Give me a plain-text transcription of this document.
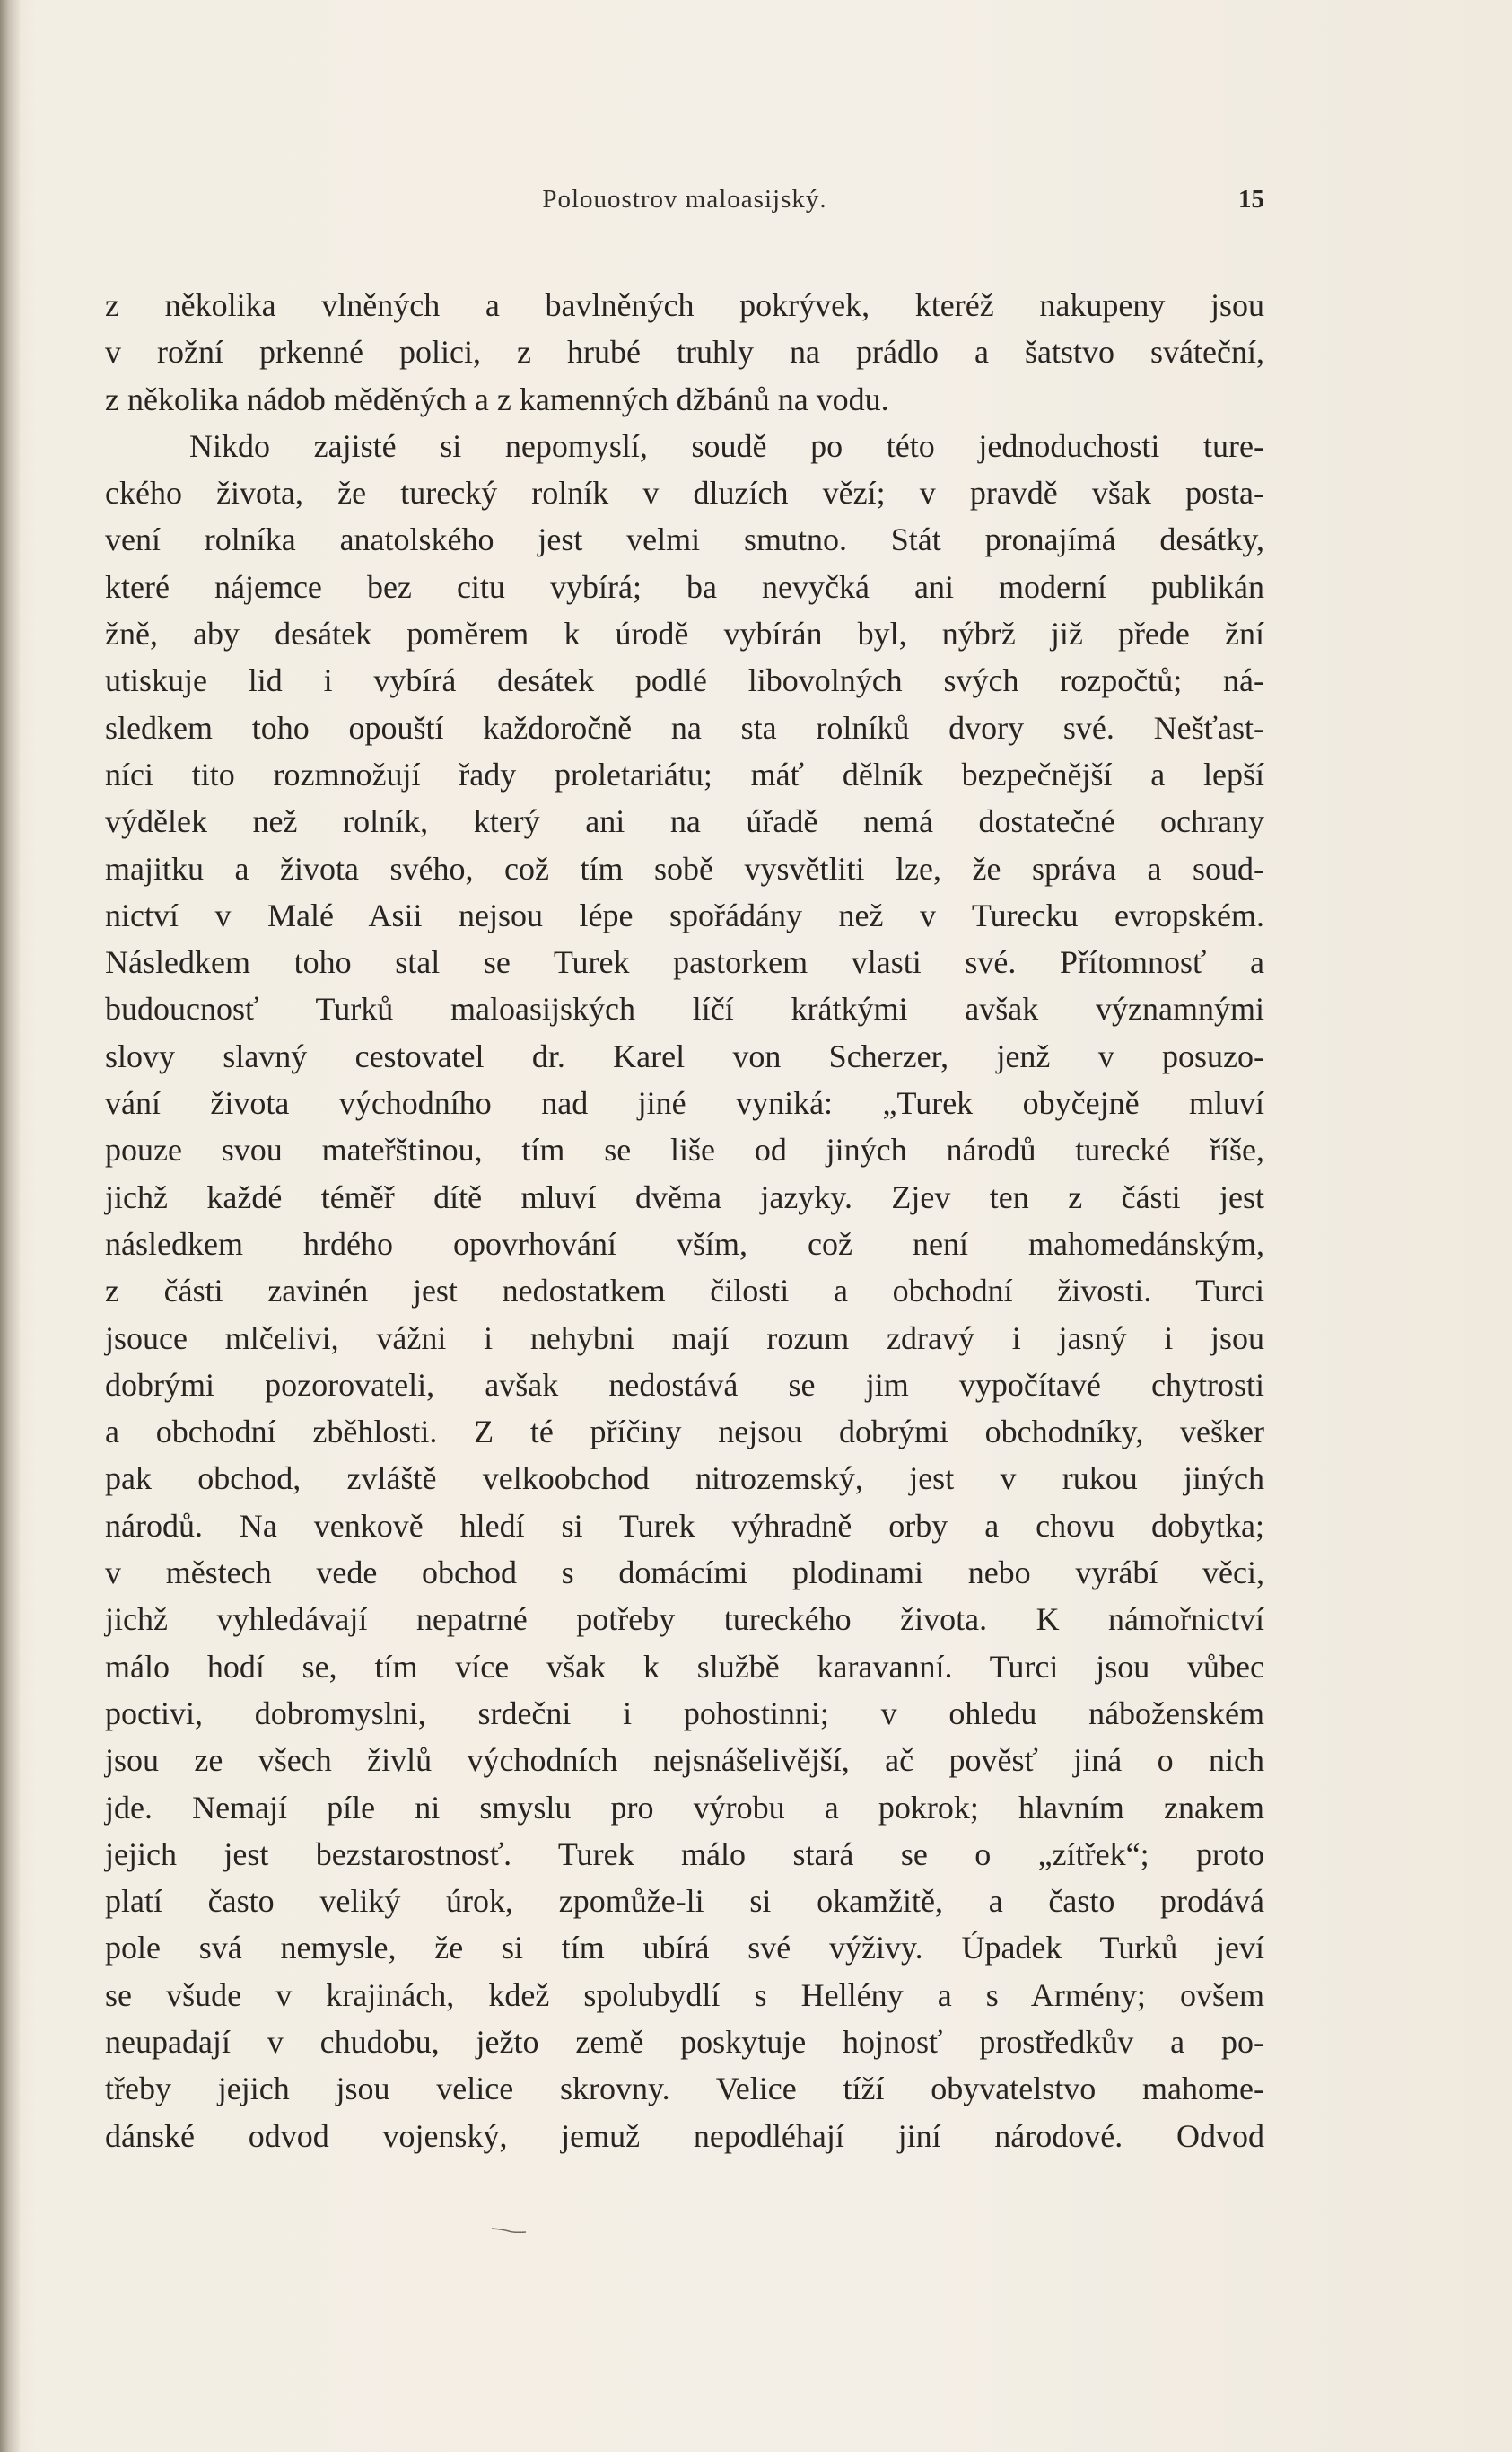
Polouostrov maloasijský.	15
z několika vlněných a bavlněných pokrývek, kteréž nakupeny jsou
v rožní prkenné polici, z hrubé truhly na prádlo a šatstvo sváteční,
z několika nádob měděných a z kamenných džbánů na vodu.
Nikdo zajisté si nepomyslí, soudě po této jednoduchosti ture-
ckého života, že turecký rolník v dluzích vězí; v pravdě však posta-
vení rolníka anatolského jest velmi smutno. Stát pronajímá desátky,
které nájemce bez citu vybírá; ba nevyčká ani moderní publikán
žně, aby desátek poměrem k úrodě vybírán byl, nýbrž již přede žní
utiskuje lid i vybírá desátek podlé libovolných svých rozpočtů; ná-
sledkem toho opouští každoročně na sta rolníků dvory své. Nešťast-
níci tito rozmnožují řady proletariátu; máť dělník bezpečnější a lepší
výdělek než rolník, který ani na úřadě nemá dostatečné ochrany
majitku a života svého, což tím sobě vysvětliti lze, že správa a soud-
nictví v Malé Asii nejsou lépe spořádány než v Turecku evropském.
Následkem toho stal se Turek pastorkem vlasti své. Přítomnosť a
budoucnosť Turků maloasijských líčí krátkými avšak významnými
slovy slavný cestovatel dr. Karel von Scherzer, jenž v posuzo-
vání života východního nad jiné vyniká: „Turek obyčejně mluví
pouze svou mateřštinou, tím se liše od jiných národů turecké říše,
jichž každé téměř dítě mluví dvěma jazyky. Zjev ten z části jest
následkem hrdého opovrhování vším, což není mahomedánským,
z části zavinén jest nedostatkem čilosti a obchodní živosti. Turci
jsouce mlčelivi, vážni i nehybni mají rozum zdravý i jasný i jsou
dobrými pozorovateli, avšak nedostává se jim vypočítavé chytrosti
a obchodní zběhlosti. Z té příčiny nejsou dobrými obchodníky, vešker
pak obchod, zvláště velkoobchod nitrozemský, jest v rukou jiných
národů. Na venkově hledí si Turek výhradně orby a chovu dobytka;
v městech vede obchod s domácími plodinami nebo vyrábí věci,
jichž vyhledávají nepatrné potřeby tureckého života. K námořnictví
málo hodí se, tím více však k službě karavanní. Turci jsou vůbec
poctivi, dobromyslni, srdečni i pohostinni; v ohledu náboženském
jsou ze všech živlů východních nejsnášelivější, ač pověsť jiná o nich
jde. Nemají píle ni smyslu pro výrobu a pokrok; hlavním znakem
jejich jest bezstarostnosť. Turek málo stará se o „zítřek“; proto
platí často veliký úrok, zpomůže-li si okamžitě, a často prodává
pole svá nemysle, že si tím ubírá své výživy. Úpadek Turků jeví
se všude v krajinách, kdež spolubydlí s Hellény a s Armény; ovšem
neupadají v chudobu, ježto země poskytuje hojnosť prostředkův a po-
třeby jejich jsou velice skrovny. Velice tíží obyvatelstvo mahome-
dánské odvod vojenský, jemuž nepodléhají jiní národové. Odvod
